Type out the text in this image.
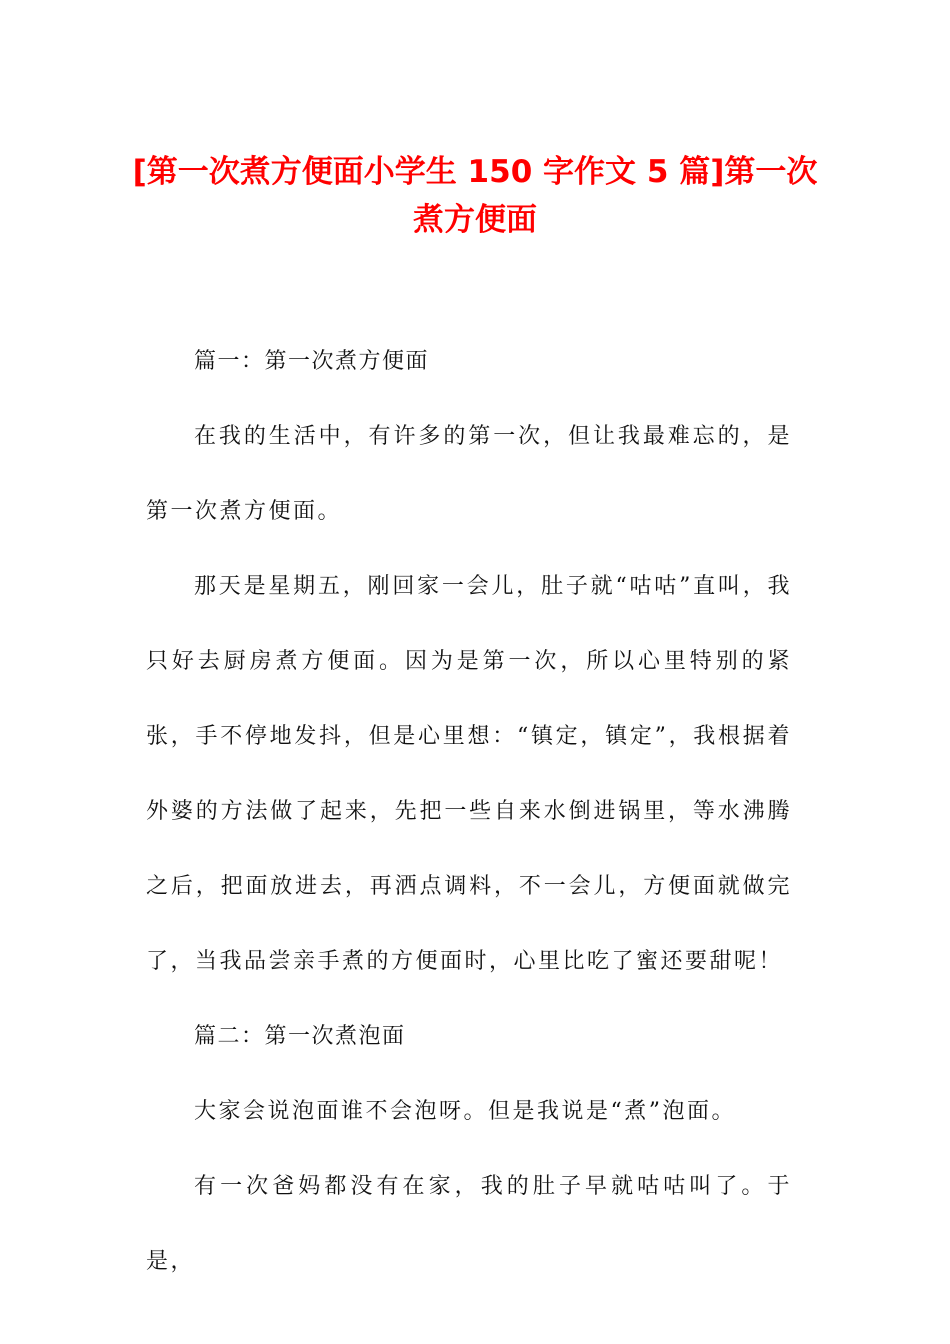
[第一次煮方便面小学生 150 字作文 5 篇]第一次煮方便面

篇一：第一次煮方便面

在我的生活中，有许多的第一次，但让我最难忘的，是第一次煮方便面。

那天是星期五，刚回家一会儿，肚子就“咕咕”直叫，我只好去厨房煮方便面。因为是第一次，所以心里特别的紧张，手不停地发抖，但是心里想：“镇定，镇定”，我根据着外婆的方法做了起来，先把一些自来水倒进锅里，等水沸腾之后，把面放进去，再洒点调料，不一会儿，方便面就做完了，当我品尝亲手煮的方便面时，心里比吃了蜜还要甜呢！

篇二：第一次煮泡面

大家会说泡面谁不会泡呀。但是我说是“煮”泡面。

有一次爸妈都没有在家，我的肚子早就咕咕叫了。于是，
